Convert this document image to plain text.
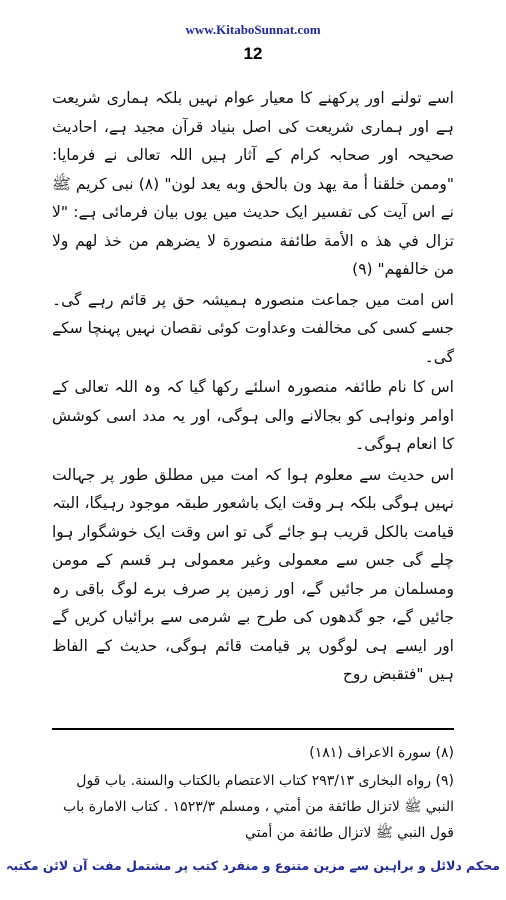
www.KitaboSunnat.com
12

اسے تولنے اور پرکھنے کا معیار عوام نہیں بلکہ ہماری شریعت ہے اور ہماری شریعت کی اصل بنیاد قرآن مجید ہے، احادیث صحیحہ اور صحابہ کرام کے آثار ہیں اللہ تعالی نے فرمایا: "وممن خلقنا أ مة يهد ون بالحق وبه يعد لون" (۸) نبی کریم ﷺ نے اس آیت کی تفسیر ایک حدیث میں یوں بیان فرمائی ہے: "لا تزال في هذ ه الأمة طائفة منصورة لا يضرهم من خذ لهم ولا من خالفهم" (۹)

اس امت میں جماعت منصورہ ہمیشہ حق پر قائم رہے گی۔ جسے کسی کی مخالفت وعداوت کوئی نقصان نہیں پہنچا سکے گی۔

اس کا نام طائفہ منصورہ اسلئے رکھا گیا کہ وہ اللہ تعالی کے اوامر ونواہی کو بجالانے والی ہوگی، اور یہ مدد اسی کوشش کا انعام ہوگی۔

اس حدیث سے معلوم ہوا کہ امت میں مطلق طور پر جہالت نہیں ہوگی بلکہ ہر وقت ایک باشعور طبقہ موجود رہیگا، البتہ قیامت بالکل قریب ہو جائے گی تو اس وقت ایک خوشگوار ہوا چلے گی جس سے معمولی وغیر معمولی ہر قسم کے مومن ومسلمان مر جائیں گے، اور زمین پر صرف برے لوگ باقی رہ جائیں گے، جو گدھوں کی طرح بے شرمی سے برائیاں کریں گے اور ایسے ہی لوگوں پر قیامت قائم ہوگی، حدیث کے الفاظ ہیں "فتقبض روح

(۸) سورة الاعراف (۱۸۱)

(۹) رواه البخاری ۲۹۳/۱۳ كتاب الاعتصام بالكتاب والسنة. باب قول النبي ﷺ لاتزال طائفة من أمتي ، ومسلم ۱۵۲۳/۳ . كتاب الامارة باب قول النبي ﷺ لاتزال طائفة من أمتي

محکم دلائل و براہین سے مزین متنوع و منفرد کتب پر مشتمل مفت آن لائن مکتبہ
